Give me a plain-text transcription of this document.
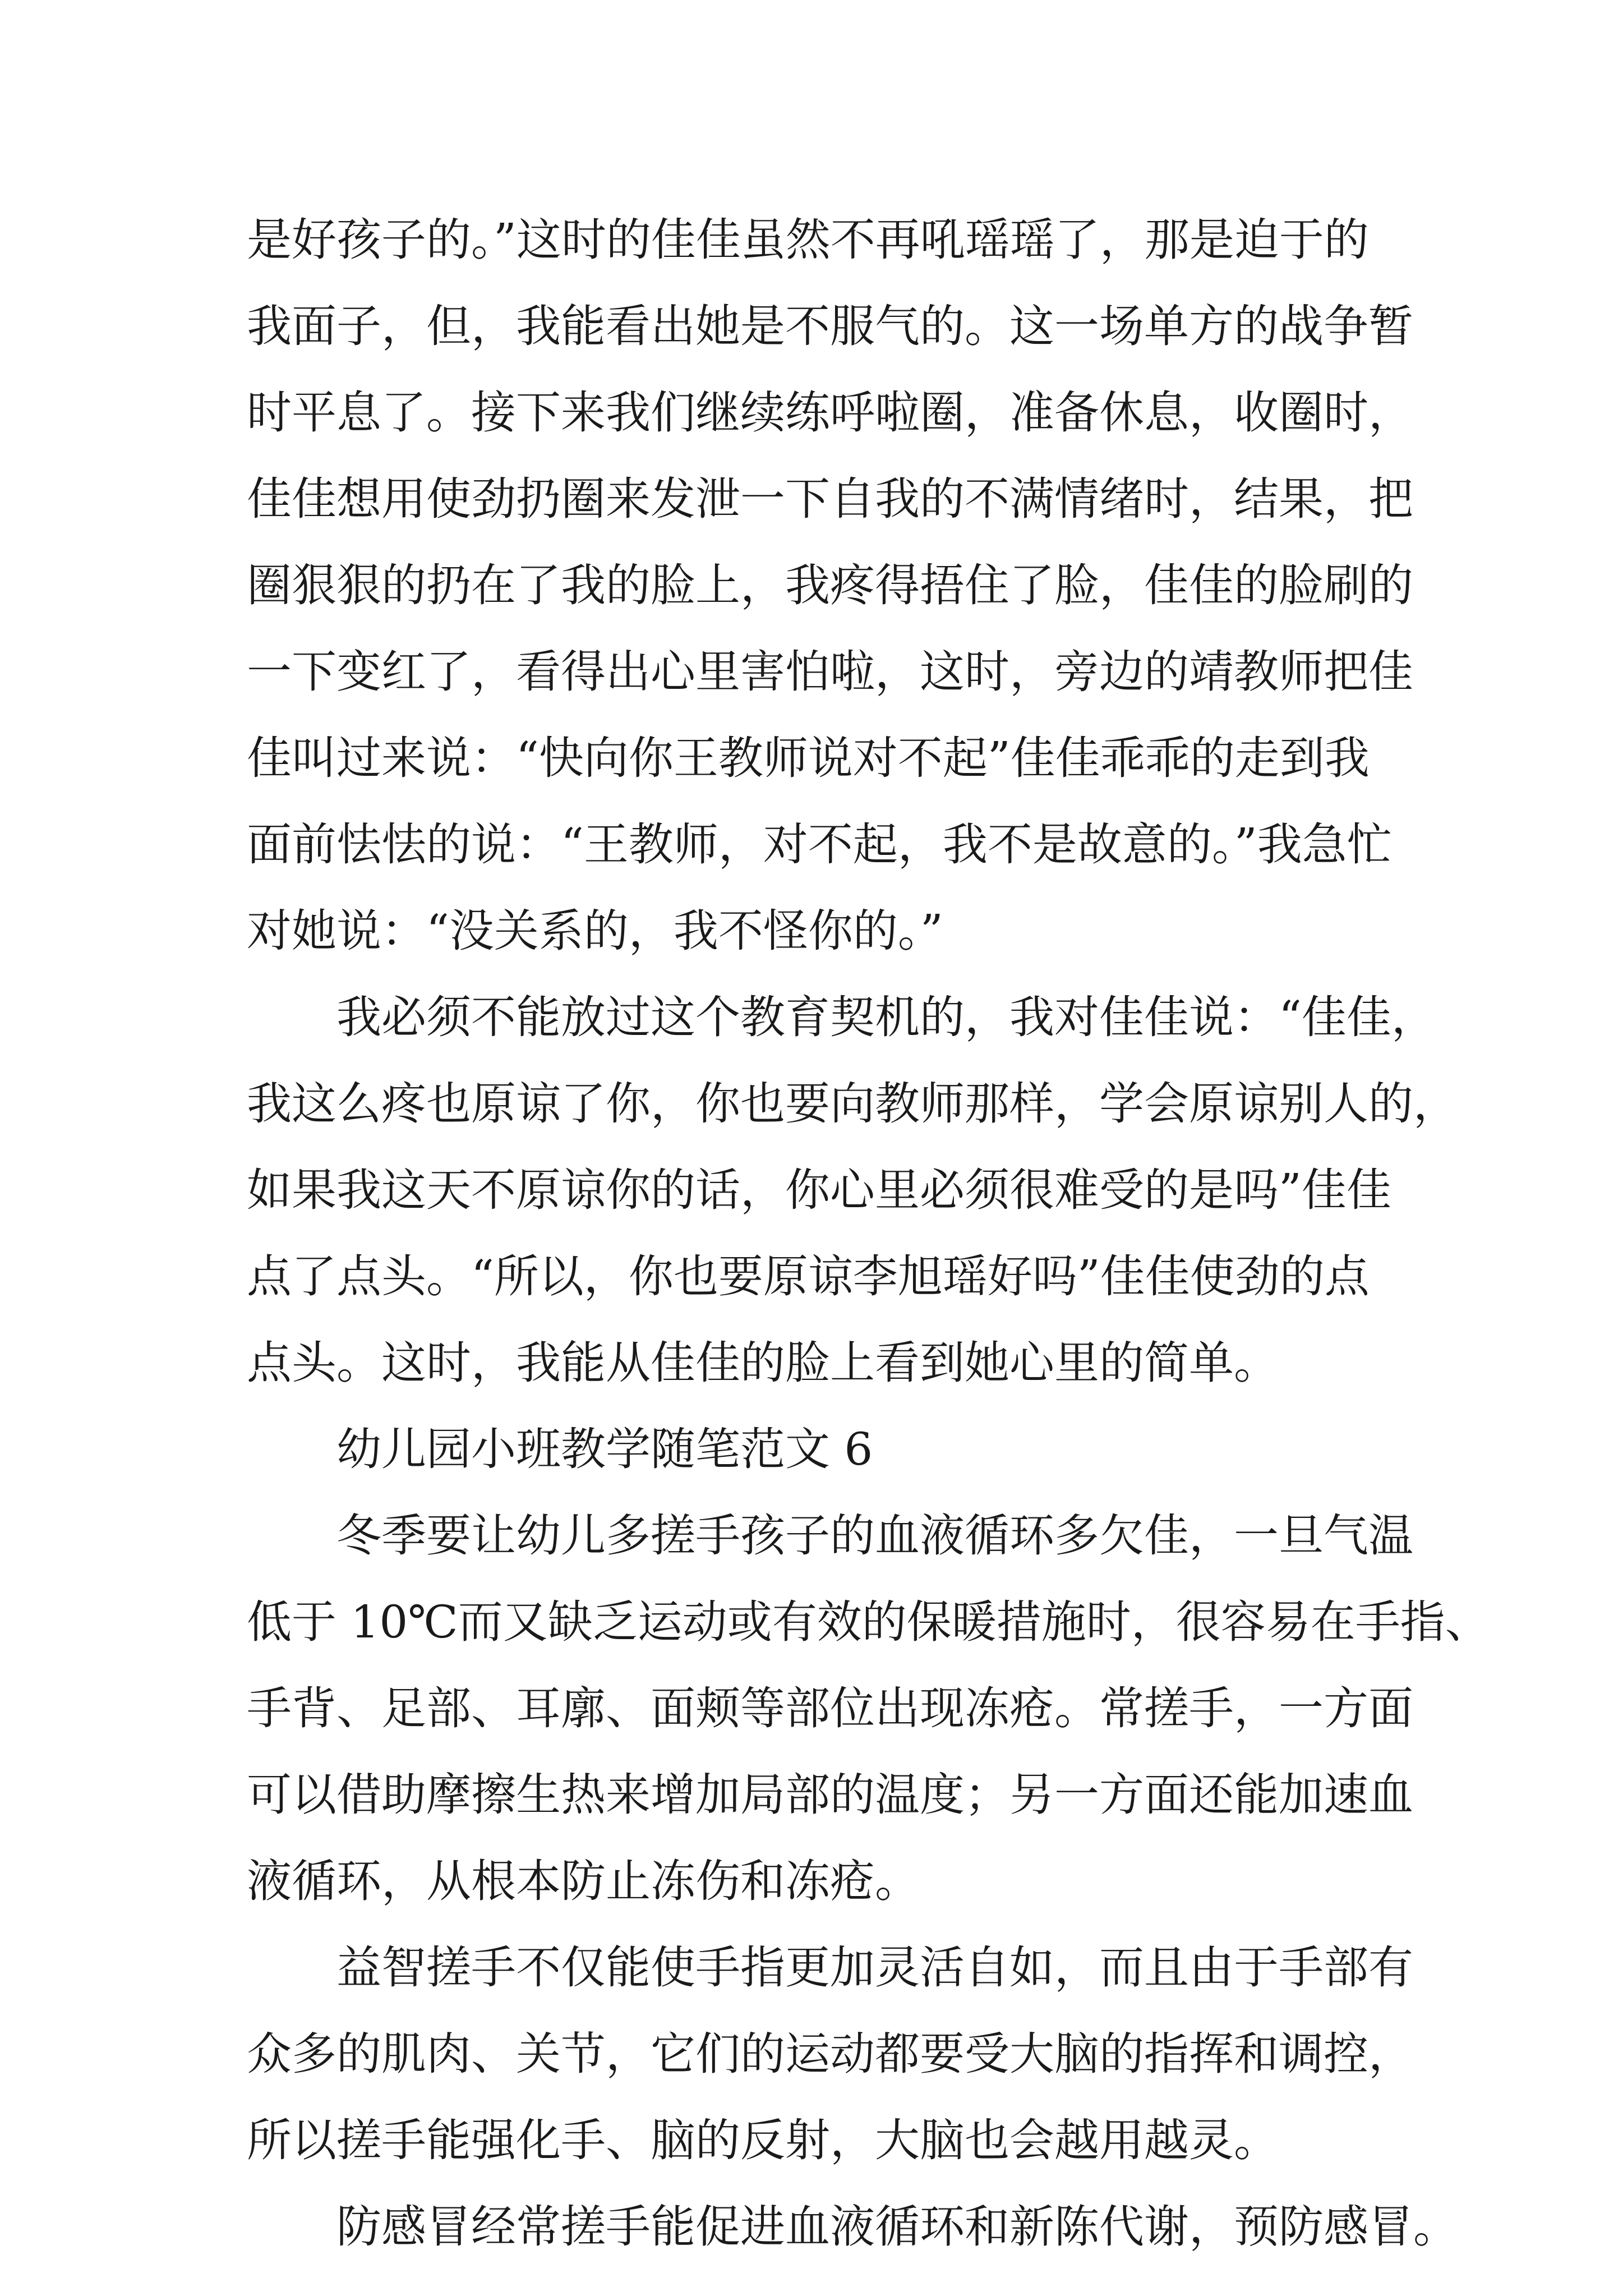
是好孩子的。”这时的佳佳虽然不再吼瑶瑶了，那是迫于的
我面子，但，我能看出她是不服气的。这一场单方的战争暂
时平息了。接下来我们继续练呼啦圈，准备休息，收圈时，
佳佳想用使劲扔圈来发泄一下自我的不满情绪时，结果，把
圈狠狠的扔在了我的脸上，我疼得捂住了脸，佳佳的脸刷的
一下变红了，看得出心里害怕啦，这时，旁边的靖教师把佳
佳叫过来说：“快向你王教师说对不起”佳佳乖乖的走到我
面前怯怯的说：“王教师，对不起，我不是故意的。”我急忙
对她说：“没关系的，我不怪你的。”
我必须不能放过这个教育契机的，我对佳佳说：“佳佳，
我这么疼也原谅了你，你也要向教师那样，学会原谅别人的，
如果我这天不原谅你的话，你心里必须很难受的是吗”佳佳
点了点头。“所以，你也要原谅李旭瑶好吗”佳佳使劲的点
点头。这时，我能从佳佳的脸上看到她心里的简单。
幼儿园小班教学随笔范文 6
冬季要让幼儿多搓手孩子的血液循环多欠佳，一旦气温
低于 10℃而又缺乏运动或有效的保暖措施时，很容易在手指、
手背、足部、耳廓、面颊等部位出现冻疮。常搓手，一方面
可以借助摩擦生热来增加局部的温度；另一方面还能加速血
液循环，从根本防止冻伤和冻疮。
益智搓手不仅能使手指更加灵活自如，而且由于手部有
众多的肌肉、关节，它们的运动都要受大脑的指挥和调控，
所以搓手能强化手、脑的反射，大脑也会越用越灵。
防感冒经常搓手能促进血液循环和新陈代谢，预防感冒。
